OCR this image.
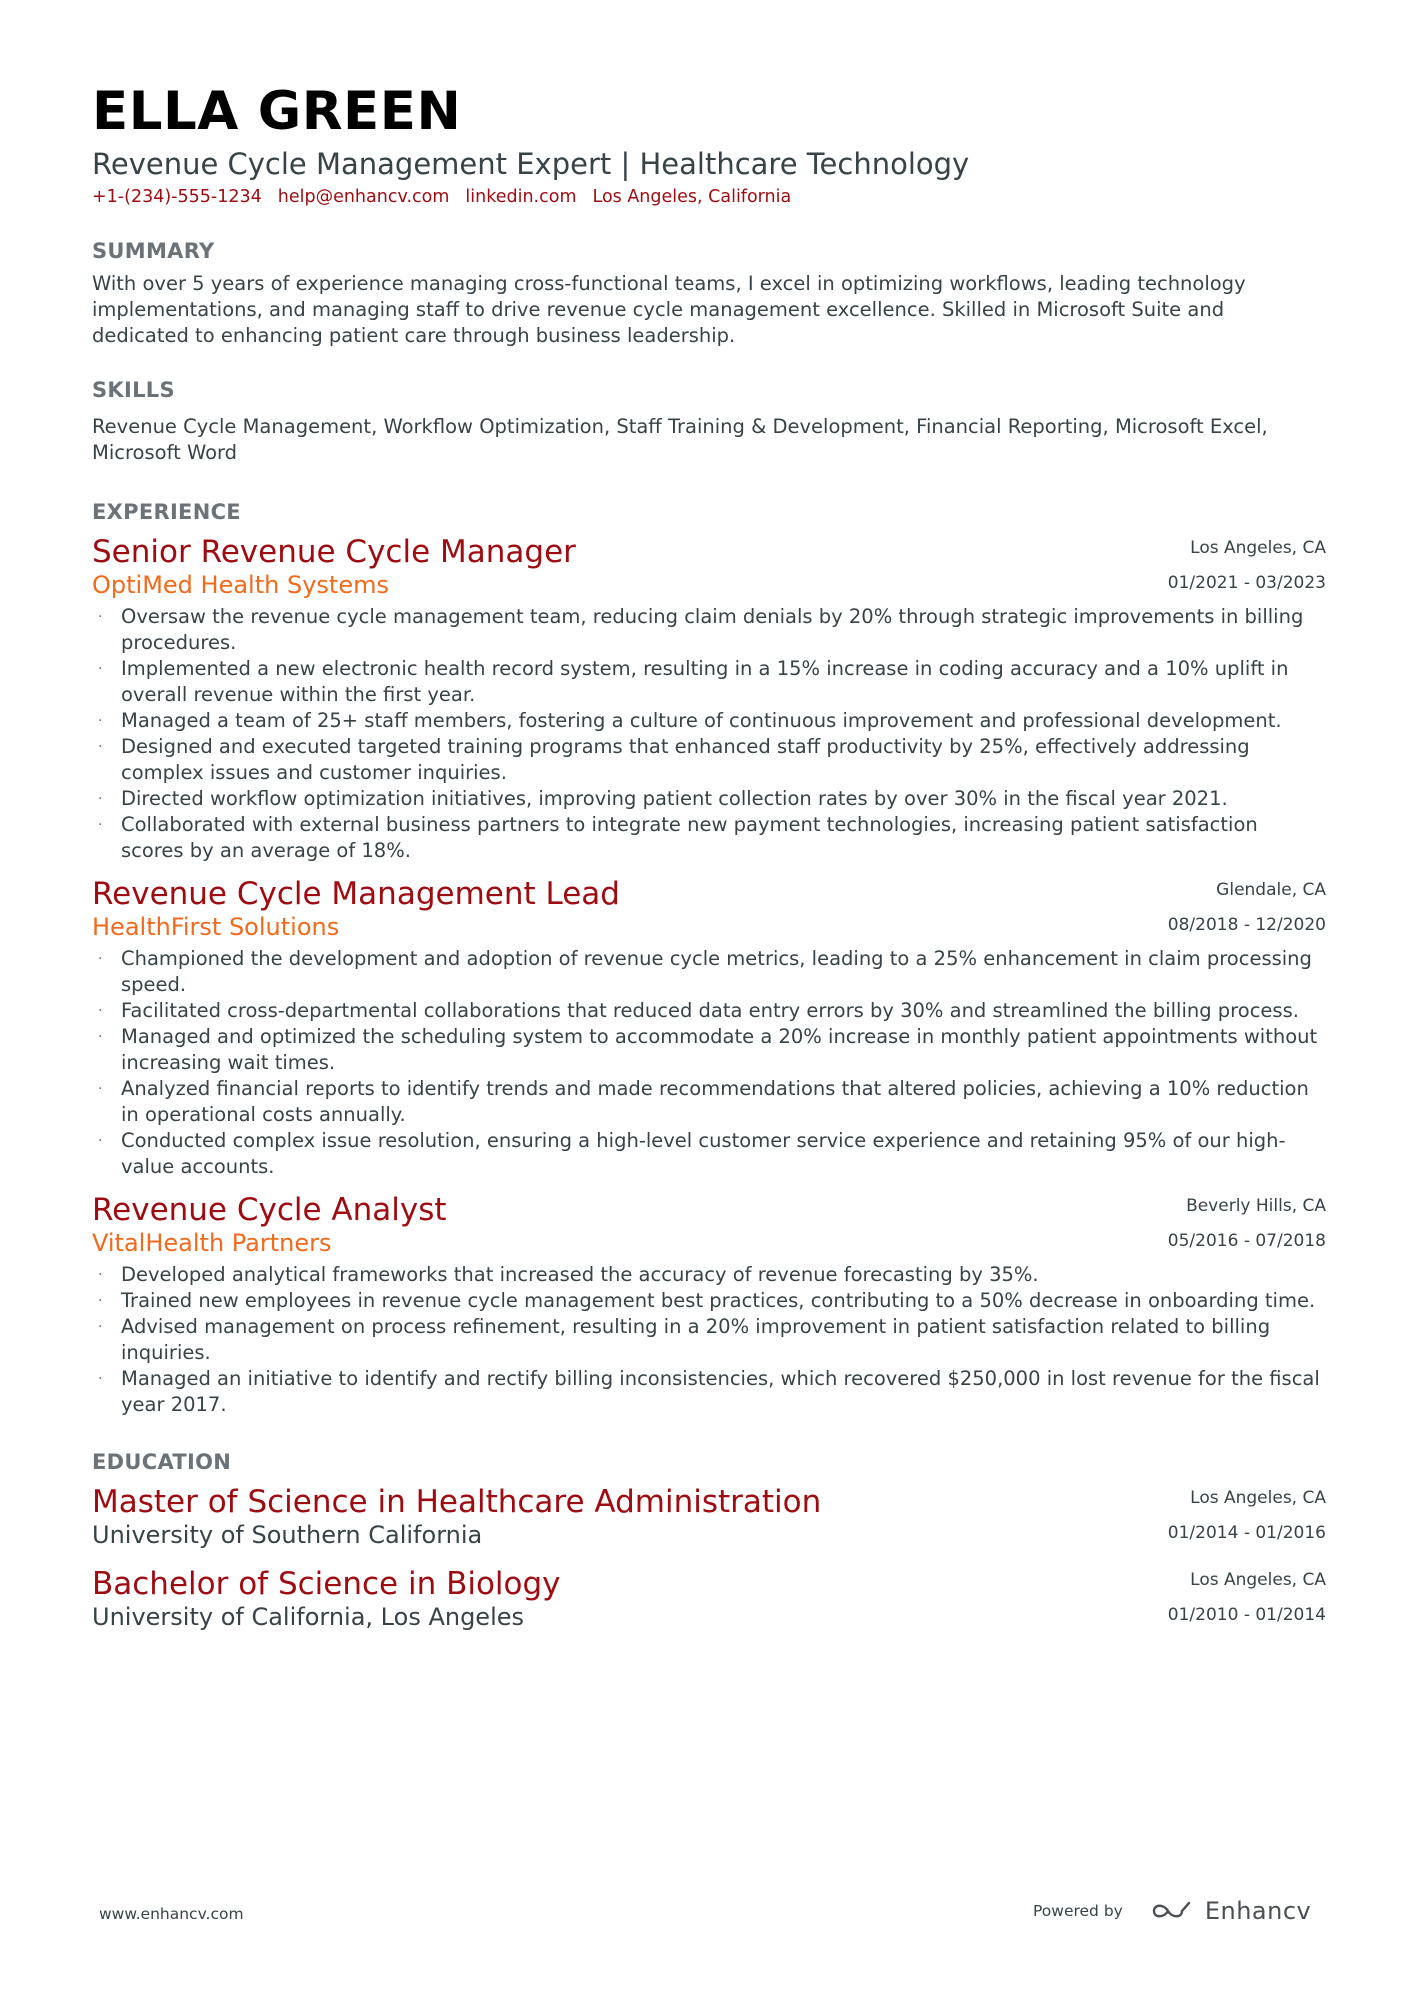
ELLA GREEN
Revenue Cycle Management Expert | Healthcare Technology
+1-(234)-555-1234 help@enhancv.com linkedin.com Los Angeles, California
SUMMARY
With over 5 years of experience managing cross-functional teams, I excel in optimizing workflows, leading technology implementations, and managing staff to drive revenue cycle management excellence. Skilled in Microsoft Suite and dedicated to enhancing patient care through business leadership.
SKILLS
Revenue Cycle Management, Workflow Optimization, Staff Training & Development, Financial Reporting, Microsoft Excel, Microsoft Word
EXPERIENCE
Senior Revenue Cycle Manager
OptiMed Health Systems
Los Angeles, CA
01/2021 - 03/2023
· Oversaw the revenue cycle management team, reducing claim denials by 20% through strategic improvements in billing procedures.
· Implemented a new electronic health record system, resulting in a 15% increase in coding accuracy and a 10% uplift in overall revenue within the first year.
· Managed a team of 25+ staff members, fostering a culture of continuous improvement and professional development.
· Designed and executed targeted training programs that enhanced staff productivity by 25%, effectively addressing complex issues and customer inquiries.
· Directed workflow optimization initiatives, improving patient collection rates by over 30% in the fiscal year 2021.
· Collaborated with external business partners to integrate new payment technologies, increasing patient satisfaction scores by an average of 18%.
Revenue Cycle Management Lead
HealthFirst Solutions
Glendale, CA
08/2018 - 12/2020
· Championed the development and adoption of revenue cycle metrics, leading to a 25% enhancement in claim processing speed.
· Facilitated cross-departmental collaborations that reduced data entry errors by 30% and streamlined the billing process.
· Managed and optimized the scheduling system to accommodate a 20% increase in monthly patient appointments without increasing wait times.
· Analyzed financial reports to identify trends and made recommendations that altered policies, achieving a 10% reduction in operational costs annually.
· Conducted complex issue resolution, ensuring a high-level customer service experience and retaining 95% of our high-value accounts.
Revenue Cycle Analyst
VitalHealth Partners
Beverly Hills, CA
05/2016 - 07/2018
· Developed analytical frameworks that increased the accuracy of revenue forecasting by 35%.
· Trained new employees in revenue cycle management best practices, contributing to a 50% decrease in onboarding time.
· Advised management on process refinement, resulting in a 20% improvement in patient satisfaction related to billing inquiries.
· Managed an initiative to identify and rectify billing inconsistencies, which recovered $250,000 in lost revenue for the fiscal year 2017.
EDUCATION
Master of Science in Healthcare Administration
University of Southern California
Los Angeles, CA
01/2014 - 01/2016
Bachelor of Science in Biology
University of California, Los Angeles
Los Angeles, CA
01/2010 - 01/2014
www.enhancv.com	Powered by	Enhancv
